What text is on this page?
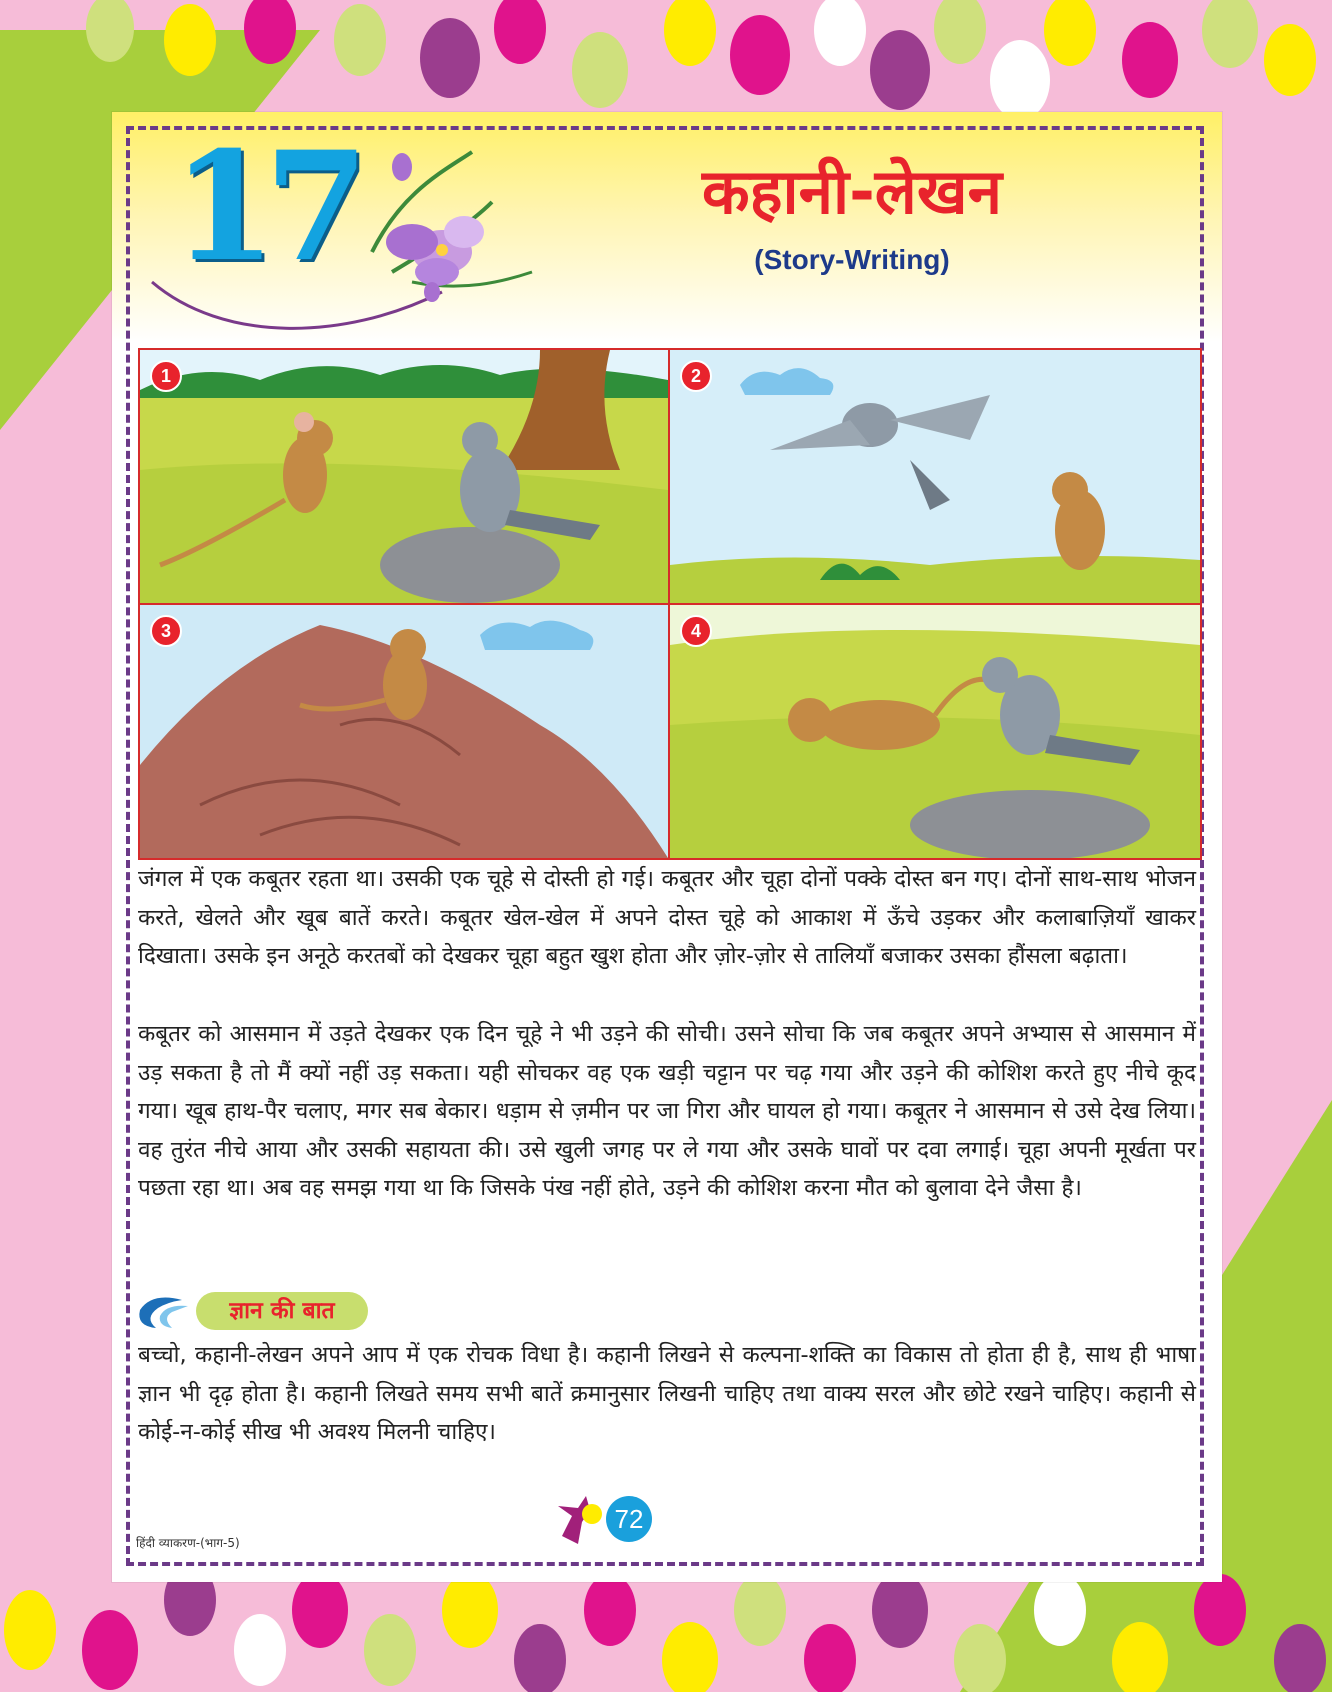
17	कहानी-लेखन
(Story-Writing)
1	2
3	4

जंगल में एक कबूतर रहता था। उसकी एक चूहे से दोस्ती हो गई। कबूतर और चूहा दोनों पक्के दोस्त बन गए। दोनों साथ-साथ भोजन करते, खेलते और खूब बातें करते। कबूतर खेल-खेल में अपने दोस्त चूहे को आकाश में ऊँचे उड़कर और कलाबाज़ियाँ खाकर दिखाता। उसके इन अनूठे करतबों को देखकर चूहा बहुत खुश होता और ज़ोर-ज़ोर से तालियाँ बजाकर उसका हौंसला बढ़ाता।

कबूतर को आसमान में उड़ते देखकर एक दिन चूहे ने भी उड़ने की सोची। उसने सोचा कि जब कबूतर अपने अभ्यास से आसमान में उड़ सकता है तो मैं क्यों नहीं उड़ सकता। यही सोचकर वह एक खड़ी चट्टान पर चढ़ गया और उड़ने की कोशिश करते हुए नीचे कूद गया। खूब हाथ-पैर चलाए, मगर सब बेकार। धड़ाम से ज़मीन पर जा गिरा और घायल हो गया। कबूतर ने आसमान से उसे देख लिया। वह तुरंत नीचे आया और उसकी सहायता की। उसे खुली जगह पर ले गया और उसके घावों पर दवा लगाई। चूहा अपनी मूर्खता पर पछता रहा था। अब वह समझ गया था कि जिसके पंख नहीं होते, उड़ने की कोशिश करना मौत को बुलावा देने जैसा है।

ज्ञान की बात

बच्चो, कहानी-लेखन अपने आप में एक रोचक विधा है। कहानी लिखने से कल्पना-शक्ति का विकास तो होता ही है, साथ ही भाषा ज्ञान भी दृढ़ होता है। कहानी लिखते समय सभी बातें क्रमानुसार लिखनी चाहिए तथा वाक्य सरल और छोटे रखने चाहिए। कहानी से कोई-न-कोई सीख भी अवश्य मिलनी चाहिए।

हिंदी व्याकरण-(भाग-5)
72
